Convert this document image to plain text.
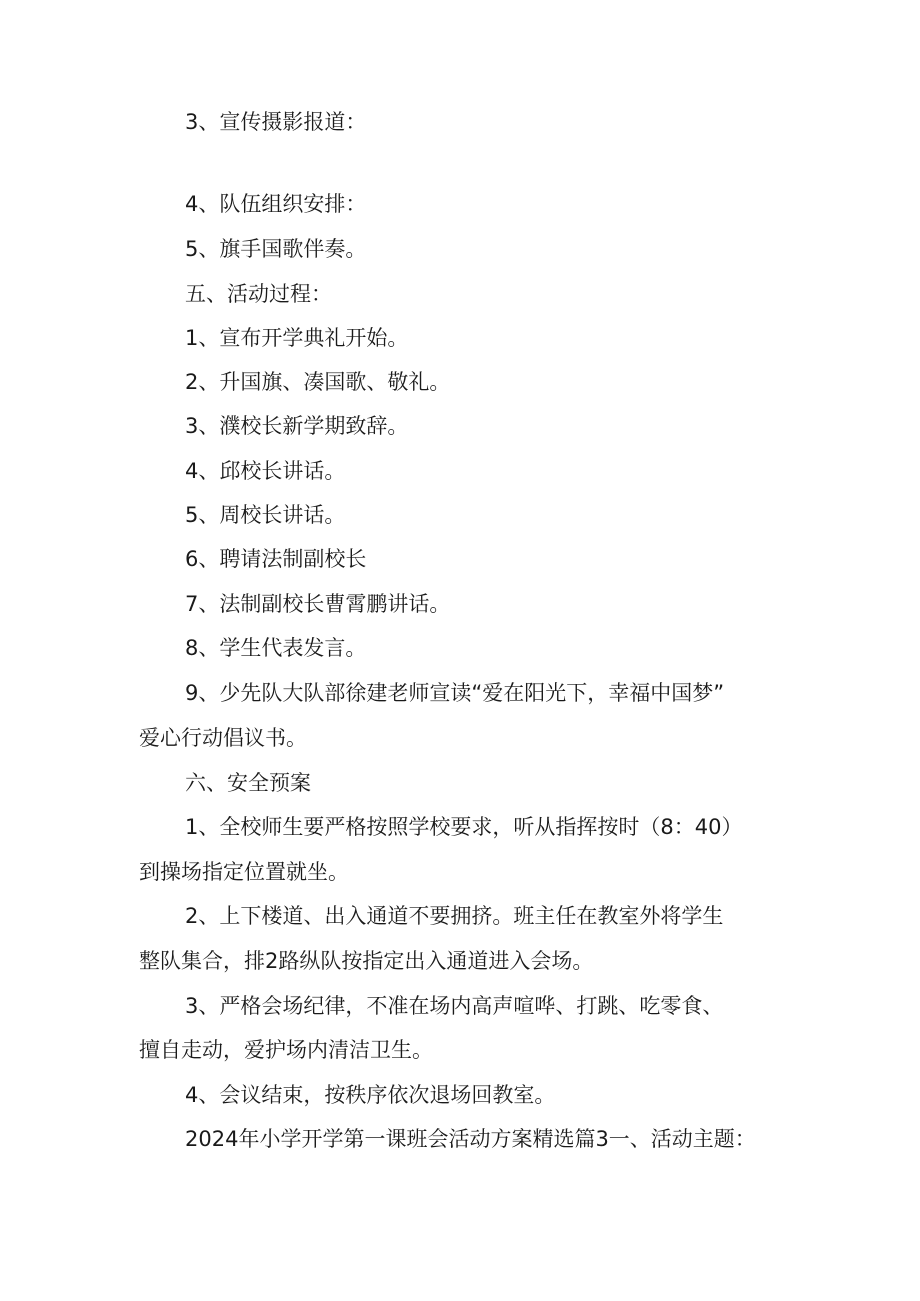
3、宣传摄影报道：
4、队伍组织安排：
5、旗手国歌伴奏。
五、活动过程：
1、宣布开学典礼开始。
2、升国旗、凑国歌、敬礼。
3、濮校长新学期致辞。
4、邱校长讲话。
5、周校长讲话。
6、聘请法制副校长
7、法制副校长曹霄鹏讲话。
8、学生代表发言。
9、少先队大队部徐建老师宣读“爱在阳光下，幸福中国梦”
爱心行动倡议书。
六、安全预案
1、全校师生要严格按照学校要求，听从指挥按时（8：40）
到操场指定位置就坐。
2、上下楼道、出入通道不要拥挤。班主任在教室外将学生
整队集合，排2路纵队按指定出入通道进入会场。
3、严格会场纪律，不准在场内高声喧哗、打跳、吃零食、
擅自走动，爱护场内清洁卫生。
4、会议结束，按秩序依次退场回教室。
2024年小学开学第一课班会活动方案精选篇3一、活动主题：
